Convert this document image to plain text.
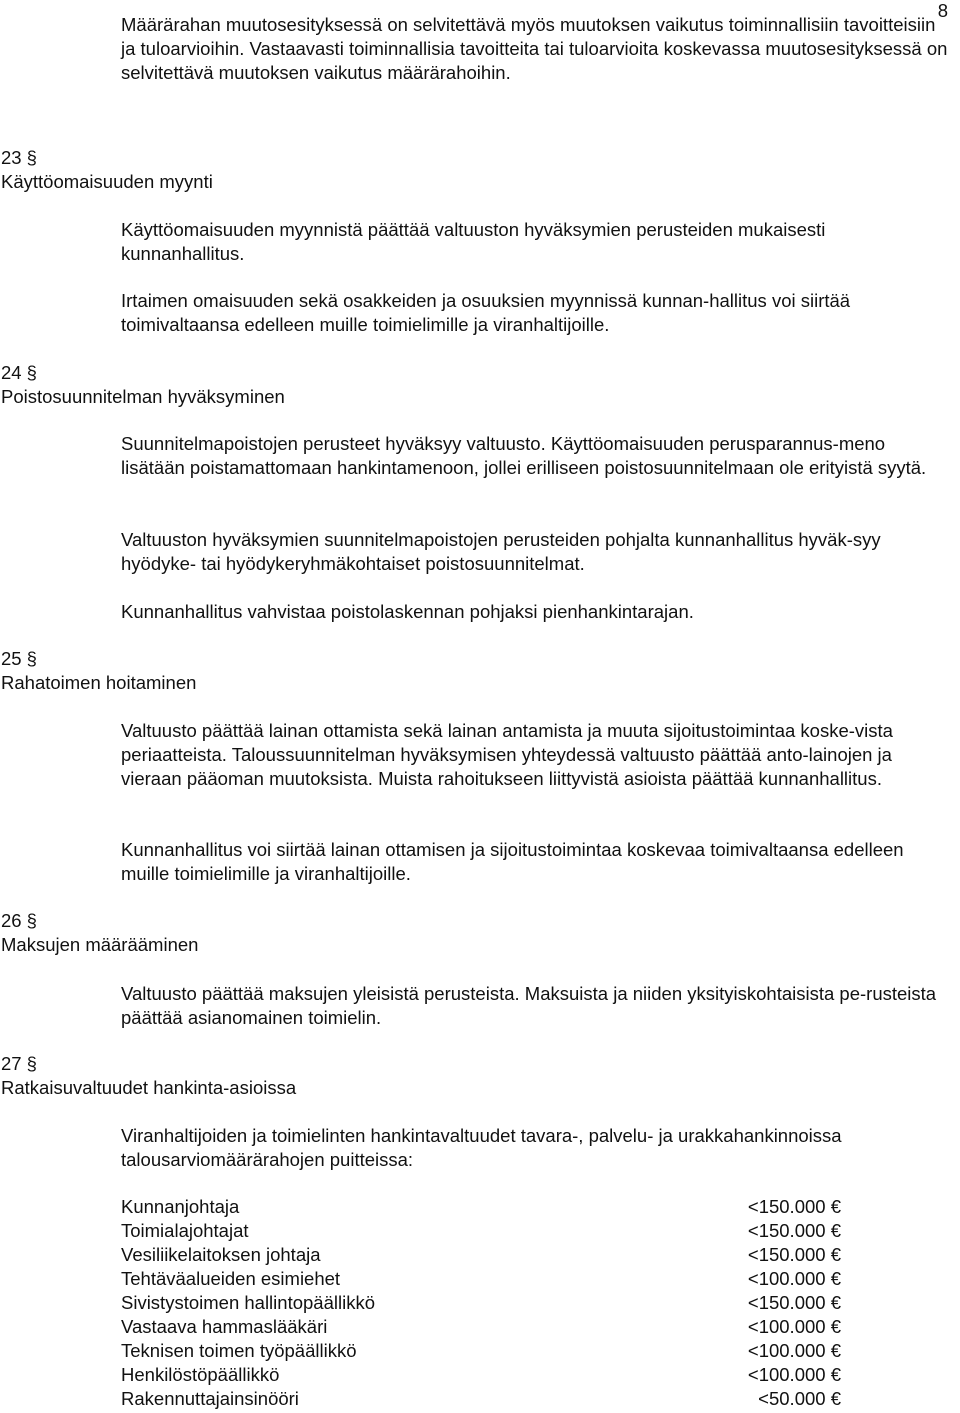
8

Määrärahan muutosesityksessä on selvitettävä myös muutoksen vaikutus toiminnallisiin tavoitteisiin ja tuloarvioihin. Vastaavasti toiminnallisia tavoitteita tai tuloarvioita koskevassa muutosesityksessä on selvitettävä muutoksen vaikutus määrärahoihin.

23 §
Käyttöomaisuuden myynti

Käyttöomaisuuden myynnistä päättää valtuuston hyväksymien perusteiden mukaisesti kunnanhallitus.

Irtaimen omaisuuden sekä osakkeiden ja osuuksien myynnissä kunnan-hallitus voi siirtää toimivaltaansa edelleen muille toimielimille ja viranhaltijoille.

24 §
Poistosuunnitelman hyväksyminen

Suunnitelmapoistojen perusteet hyväksyy valtuusto. Käyttöomaisuuden perusparannus-meno lisätään poistamattomaan hankintamenoon, jollei erilliseen poistosuunnitelmaan ole erityistä syytä.

Valtuuston hyväksymien suunnitelmapoistojen perusteiden pohjalta kunnanhallitus hyväk-syy hyödyke- tai hyödykeryhmäkohtaiset poistosuunnitelmat.

Kunnanhallitus vahvistaa poistolaskennan pohjaksi pienhankintarajan.

25 §
Rahatoimen hoitaminen

Valtuusto päättää lainan ottamista sekä lainan antamista ja muuta sijoitustoimintaa koske-vista periaatteista. Taloussuunnitelman hyväksymisen yhteydessä valtuusto päättää anto-lainojen ja vieraan pääoman muutoksista. Muista rahoitukseen liittyvistä asioista päättää kunnanhallitus.

Kunnanhallitus voi siirtää lainan ottamisen ja sijoitustoimintaa koskevaa toimivaltaansa edelleen muille toimielimille ja viranhaltijoille.

26 §
Maksujen määrääminen

Valtuusto päättää maksujen yleisistä perusteista. Maksuista ja niiden yksityiskohtaisista pe-rusteista päättää asianomainen toimielin.

27 §
Ratkaisuvaltuudet hankinta-asioissa

Viranhaltijoiden ja toimielinten hankintavaltuudet tavara-, palvelu- ja urakkahankinnoissa talousarviomäärärahojen puitteissa:

Kunnanjohtaja	<150.000 €
Toimialajohtajat	<150.000 €
Vesiliikelaitoksen johtaja	<150.000 €
Tehtäväalueiden esimiehet	<100.000 €
Sivistystoimen hallintopäällikkö	<150.000 €
Vastaava hammaslääkäri	<100.000 €
Teknisen toimen työpäällikkö	<100.000 €
Henkilöstöpäällikkö	<100.000 €
Rakennuttajainsinööri	<50.000 €
